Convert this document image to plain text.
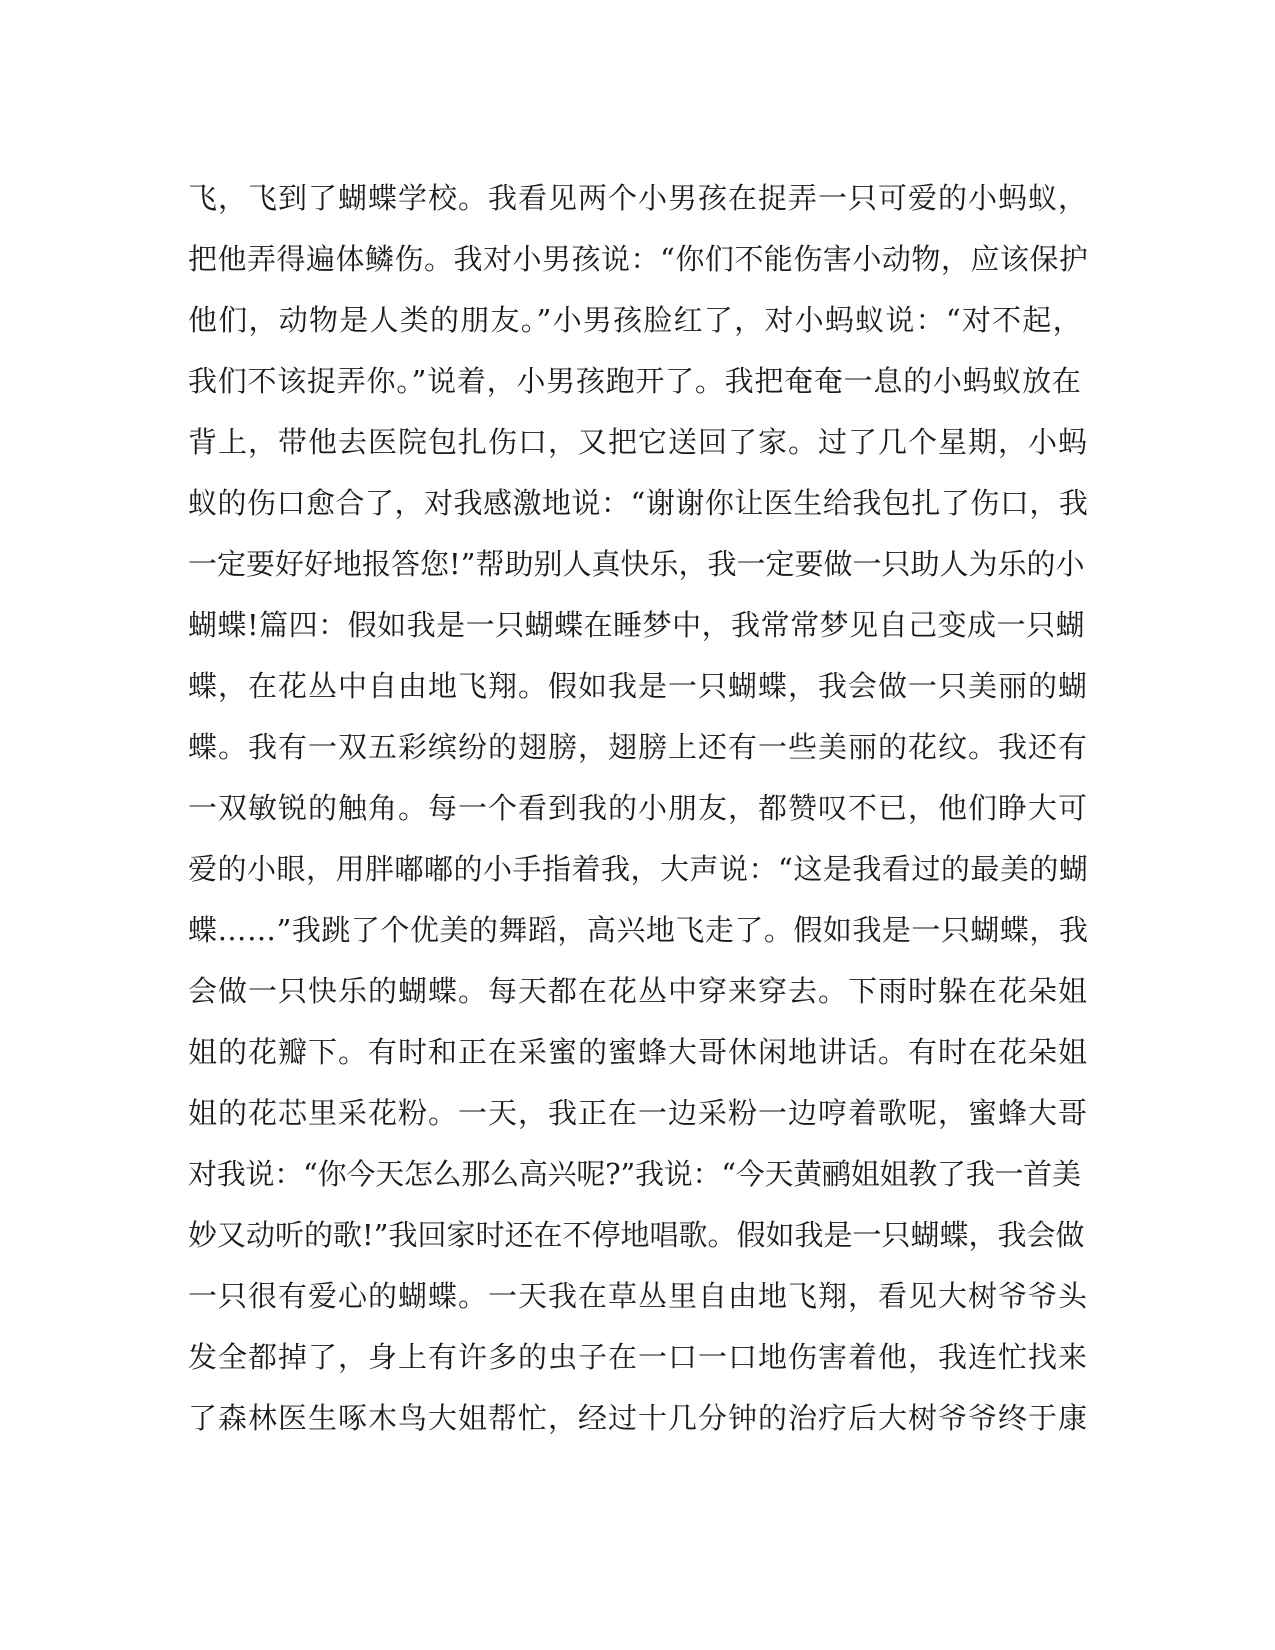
飞，飞到了蝴蝶学校。我看见两个小男孩在捉弄一只可爱的小蚂蚁，
把他弄得遍体鳞伤。我对小男孩说：“你们不能伤害小动物，应该保护
他们，动物是人类的朋友。”小男孩脸红了，对小蚂蚁说：“对不起，
我们不该捉弄你。”说着，小男孩跑开了。我把奄奄一息的小蚂蚁放在
背上，带他去医院包扎伤口，又把它送回了家。过了几个星期，小蚂
蚁的伤口愈合了，对我感激地说：“谢谢你让医生给我包扎了伤口，我
一定要好好地报答您!”帮助别人真快乐，我一定要做一只助人为乐的小
蝴蝶!篇四：假如我是一只蝴蝶在睡梦中，我常常梦见自己变成一只蝴
蝶，在花丛中自由地飞翔。假如我是一只蝴蝶，我会做一只美丽的蝴
蝶。我有一双五彩缤纷的翅膀，翅膀上还有一些美丽的花纹。我还有
一双敏锐的触角。每一个看到我的小朋友，都赞叹不已，他们睁大可
爱的小眼，用胖嘟嘟的小手指着我，大声说：“这是我看过的最美的蝴
蝶……”我跳了个优美的舞蹈，高兴地飞走了。假如我是一只蝴蝶，我
会做一只快乐的蝴蝶。每天都在花丛中穿来穿去。下雨时躲在花朵姐
姐的花瓣下。有时和正在采蜜的蜜蜂大哥休闲地讲话。有时在花朵姐
姐的花芯里采花粉。一天，我正在一边采粉一边哼着歌呢，蜜蜂大哥
对我说：“你今天怎么那么高兴呢?”我说：“今天黄鹂姐姐教了我一首美
妙又动听的歌!”我回家时还在不停地唱歌。假如我是一只蝴蝶，我会做
一只很有爱心的蝴蝶。一天我在草丛里自由地飞翔，看见大树爷爷头
发全都掉了，身上有许多的虫子在一口一口地伤害着他，我连忙找来
了森林医生啄木鸟大姐帮忙，经过十几分钟的治疗后大树爷爷终于康
